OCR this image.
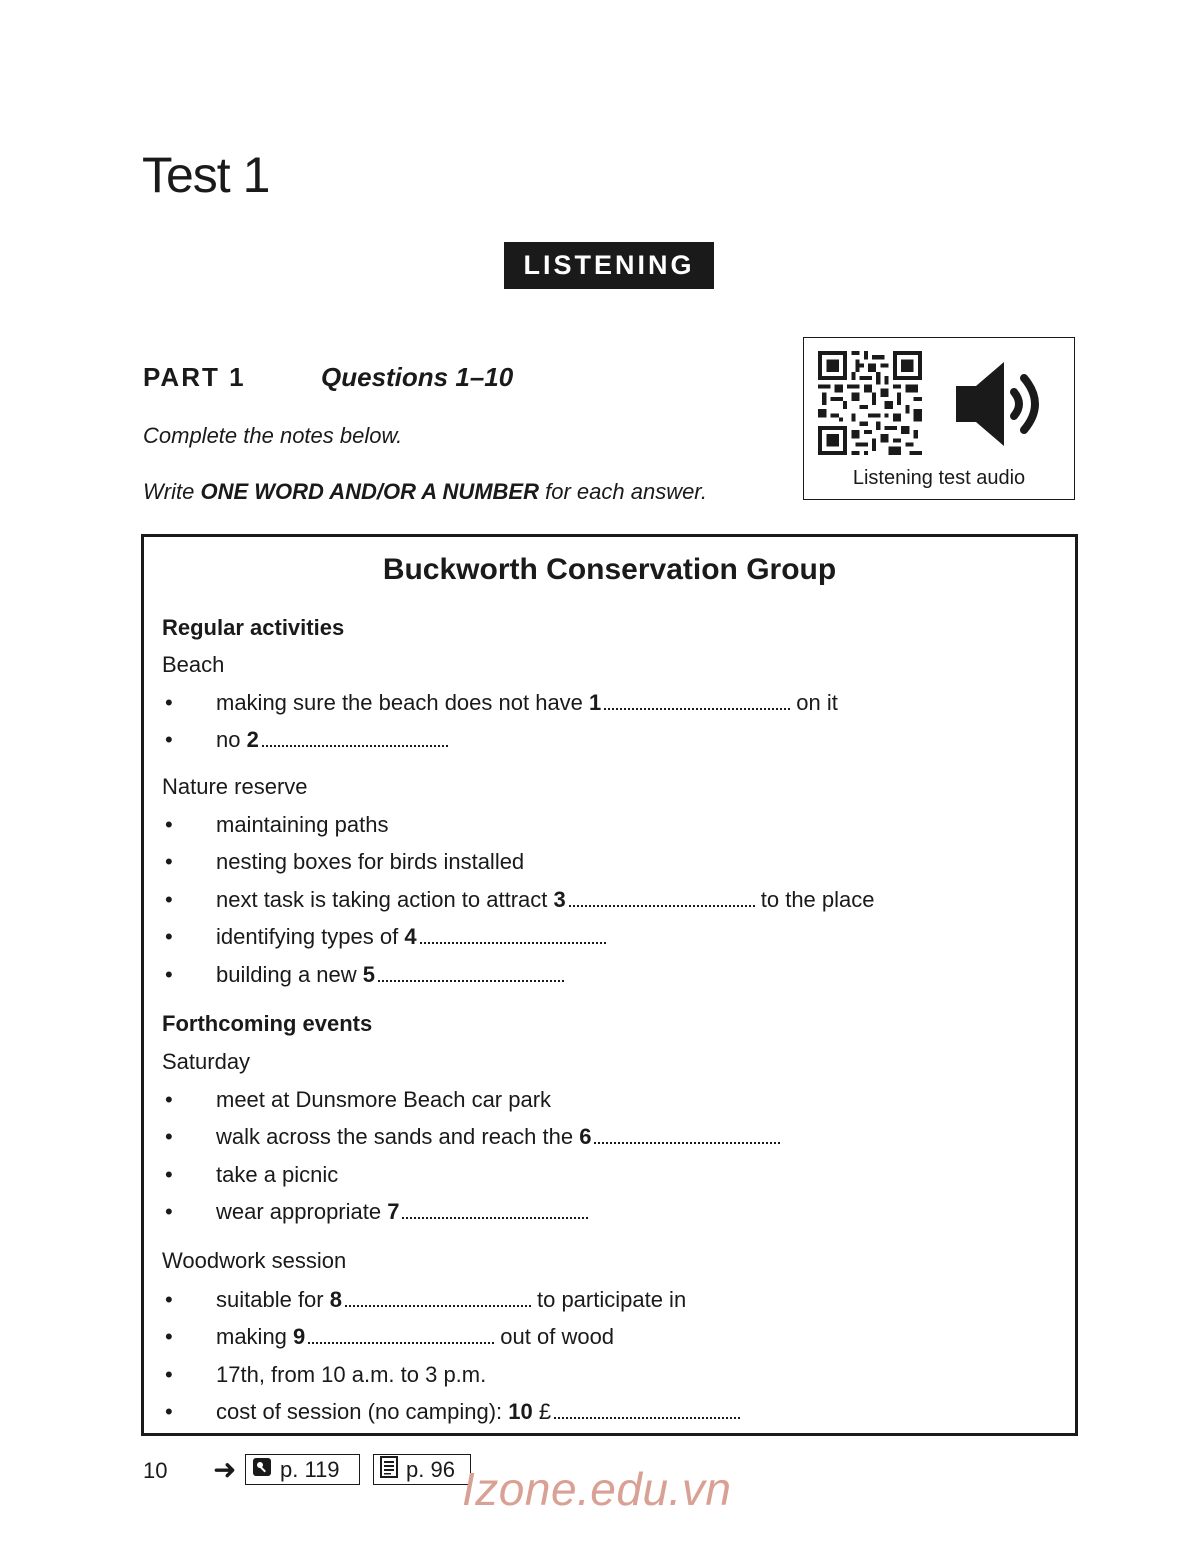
Test 1
LISTENING
PART 1	Questions 1–10
Complete the notes below.
Write ONE WORD AND/OR A NUMBER for each answer.
Listening test audio
Buckworth Conservation Group
Regular activities
Beach
• making sure the beach does not have 1	on it
• no 2
Nature reserve
• maintaining paths
• nesting boxes for birds installed
• next task is taking action to attract 3	to the place
• identifying types of 4
• building a new 5
Forthcoming events
Saturday
• meet at Dunsmore Beach car park
• walk across the sands and reach the 6
• take a picnic
• wear appropriate 7
Woodwork session
• suitable for 8	to participate in
• making 9	out of wood
• 17th, from 10 a.m. to 3 p.m.
• cost of session (no camping): 10 £
10 ➜ p. 119	p. 96 Izone.edu.vn
